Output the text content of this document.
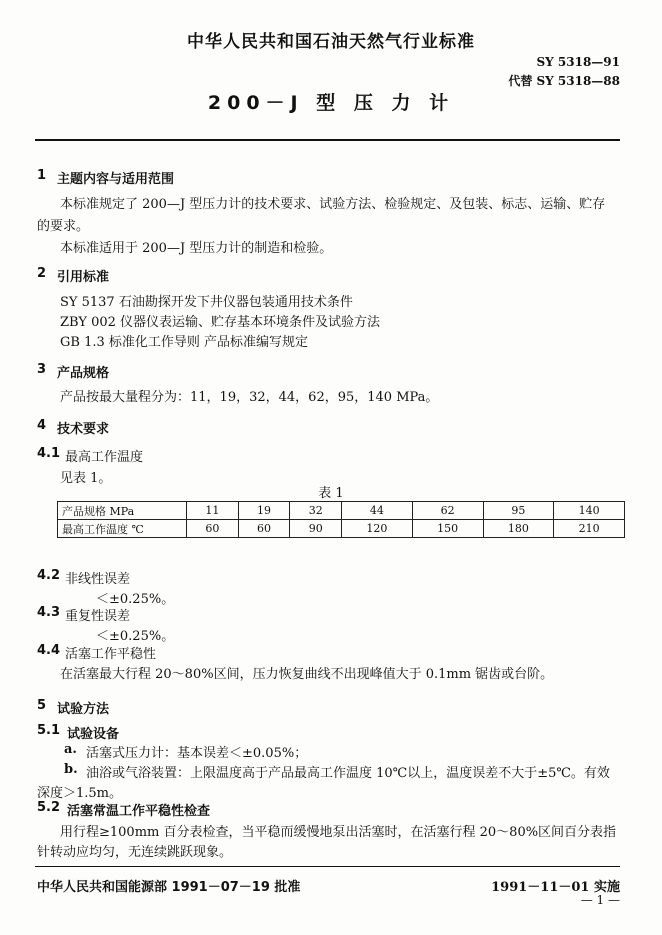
中华人民共和国石油天然气行业标准
SY 5318—91
代替 SY 5318—88
200－J 型 压 力 计
1 主题内容与适用范围
本标准规定了 200—J 型压力计的技术要求、试验方法、检验规定、及包装、标志、运输、贮存
的要求。
本标准适用于 200—J 型压力计的制造和检验。
2 引用标准
SY 5137 石油勘探开发下井仪器包装通用技术条件
ZBY 002 仪器仪表运输、贮存基本环境条件及试验方法
GB 1.3 标准化工作导则 产品标准编写规定
3 产品规格
产品按最大量程分为：11，19，32，44，62，95，140 MPa。
4 技术要求
4.1 最高工作温度
见表 1。
表 1
产品规格 MPa	11	19	32	44	62	95	140
最高工作温度 ℃	60	60	90	120	150	180	210
4.2 非线性误差
＜±0.25%。
4.3 重复性误差
＜±0.25%。
4.4 活塞工作平稳性
在活塞最大行程 20～80%区间，压力恢复曲线不出现峰值大于 0.1mm 锯齿或台阶。
5 试验方法
5.1 试验设备
a. 活塞式压力计：基本误差＜±0.05%；
b. 油浴或气浴装置：上限温度高于产品最高工作温度 10℃以上，温度误差不大于±5℃。有效
深度＞1.5m。
5.2 活塞常温工作平稳性检查
用行程≥100mm 百分表检查，当平稳而缓慢地泵出活塞时，在活塞行程 20～80%区间百分表指
针转动应均匀，无连续跳跃现象。
中华人民共和国能源部 1991－07－19 批准	1991－11－01 实施
— 1 —
